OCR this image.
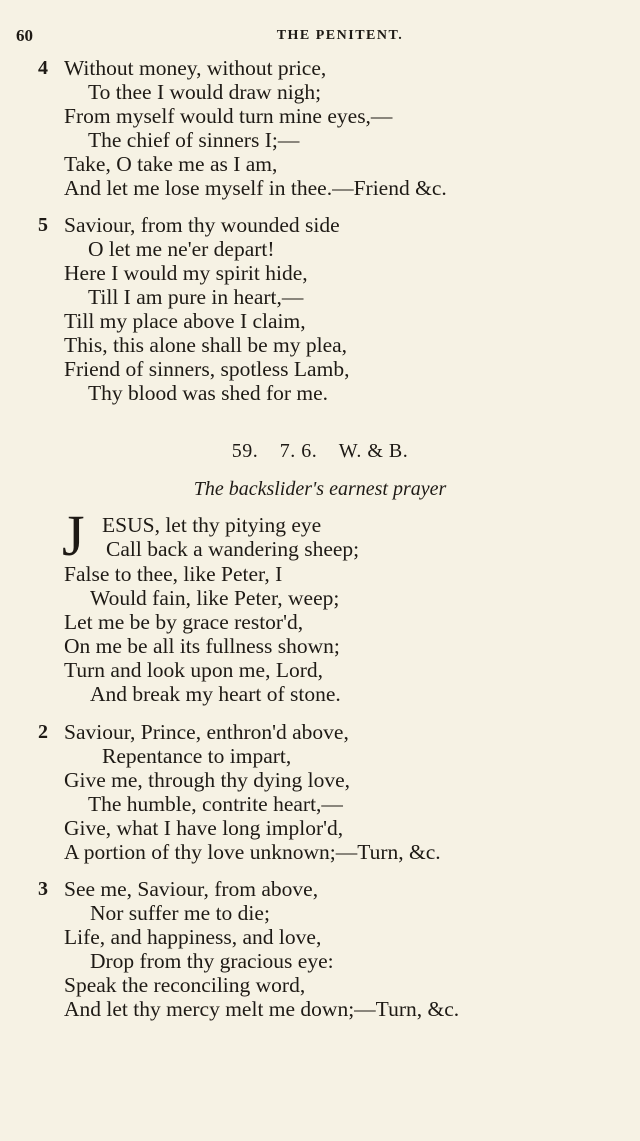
60	THE PENITENT.
4 Without money, without price,
To thee I would draw nigh;
From myself would turn mine eyes,—
The chief of sinners I;—
Take, O take me as I am,
And let me lose myself in thee.—Friend &c.
5 Saviour, from thy wounded side
O let me ne'er depart!
Here I would my spirit hide,
Till I am pure in heart,—
Till my place above I claim,
This, this alone shall be my plea,
Friend of sinners, spotless Lamb,
Thy blood was shed for me.
59. 7. 6. W. & B.
The backslider's earnest prayer
J ESUS, let thy pitying eye
Call back a wandering sheep;
False to thee, like Peter, I
Would fain, like Peter, weep;
Let me be by grace restor'd,
On me be all its fullness shown;
Turn and look upon me, Lord,
And break my heart of stone.
2 Saviour, Prince, enthron'd above,
Repentance to impart,
Give me, through thy dying love,
The humble, contrite heart,—
Give, what I have long implor'd,
A portion of thy love unknown;—Turn, &c.
3 See me, Saviour, from above,
Nor suffer me to die;
Life, and happiness, and love,
Drop from thy gracious eye:
Speak the reconciling word,
And let thy mercy melt me down;—Turn, &c.
